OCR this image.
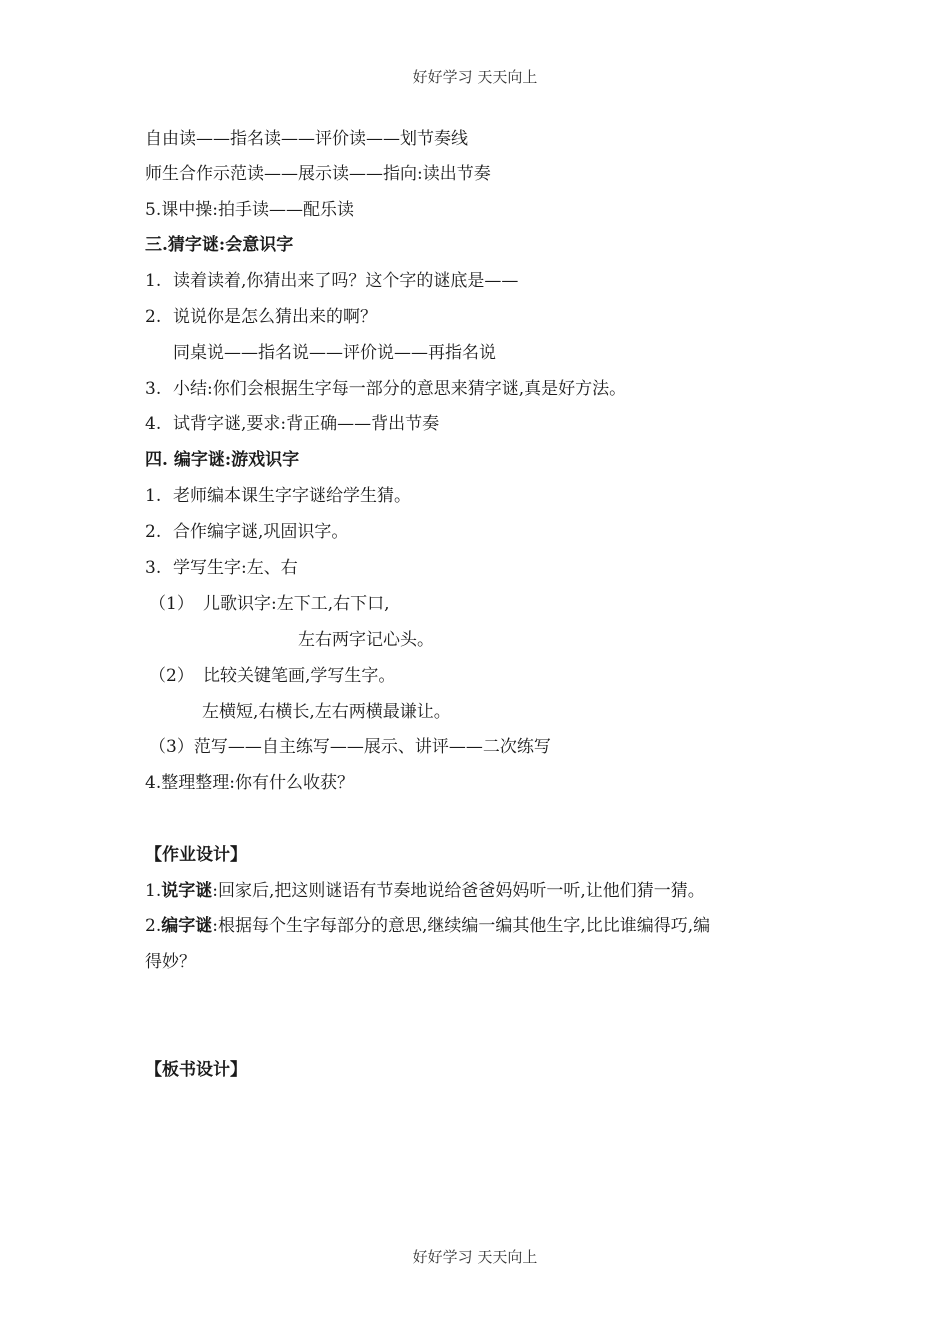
好好学习 天天向上
自由读——指名读——评价读——划节奏线
师生合作示范读——展示读——指向:读出节奏
5.课中操:拍手读——配乐读
三.猜字谜:会意识字
1. 读着读着,你猜出来了吗？这个字的谜底是——
2. 说说你是怎么猜出来的啊？
同桌说——指名说——评价说——再指名说
3. 小结:你们会根据生字每一部分的意思来猜字谜,真是好方法。
4. 试背字谜,要求:背正确——背出节奏
四. 编字谜:游戏识字
1. 老师编本课生字字谜给学生猜。
2. 合作编字谜,巩固识字。
3. 学写生字:左、右
（1） 儿歌识字:左下工,右下口,
左右两字记心头。
（2） 比较关键笔画,学写生字。
左横短,右横长,左右两横最谦让。
（3）范写——自主练写——展示、讲评——二次练写
4.整理整理:你有什么收获？
【作业设计】
1.说字谜:回家后,把这则谜语有节奏地说给爸爸妈妈听一听,让他们猜一猜。
2.编字谜:根据每个生字每部分的意思,继续编一编其他生字,比比谁编得巧,编
得妙？
【板书设计】
好好学习 天天向上
